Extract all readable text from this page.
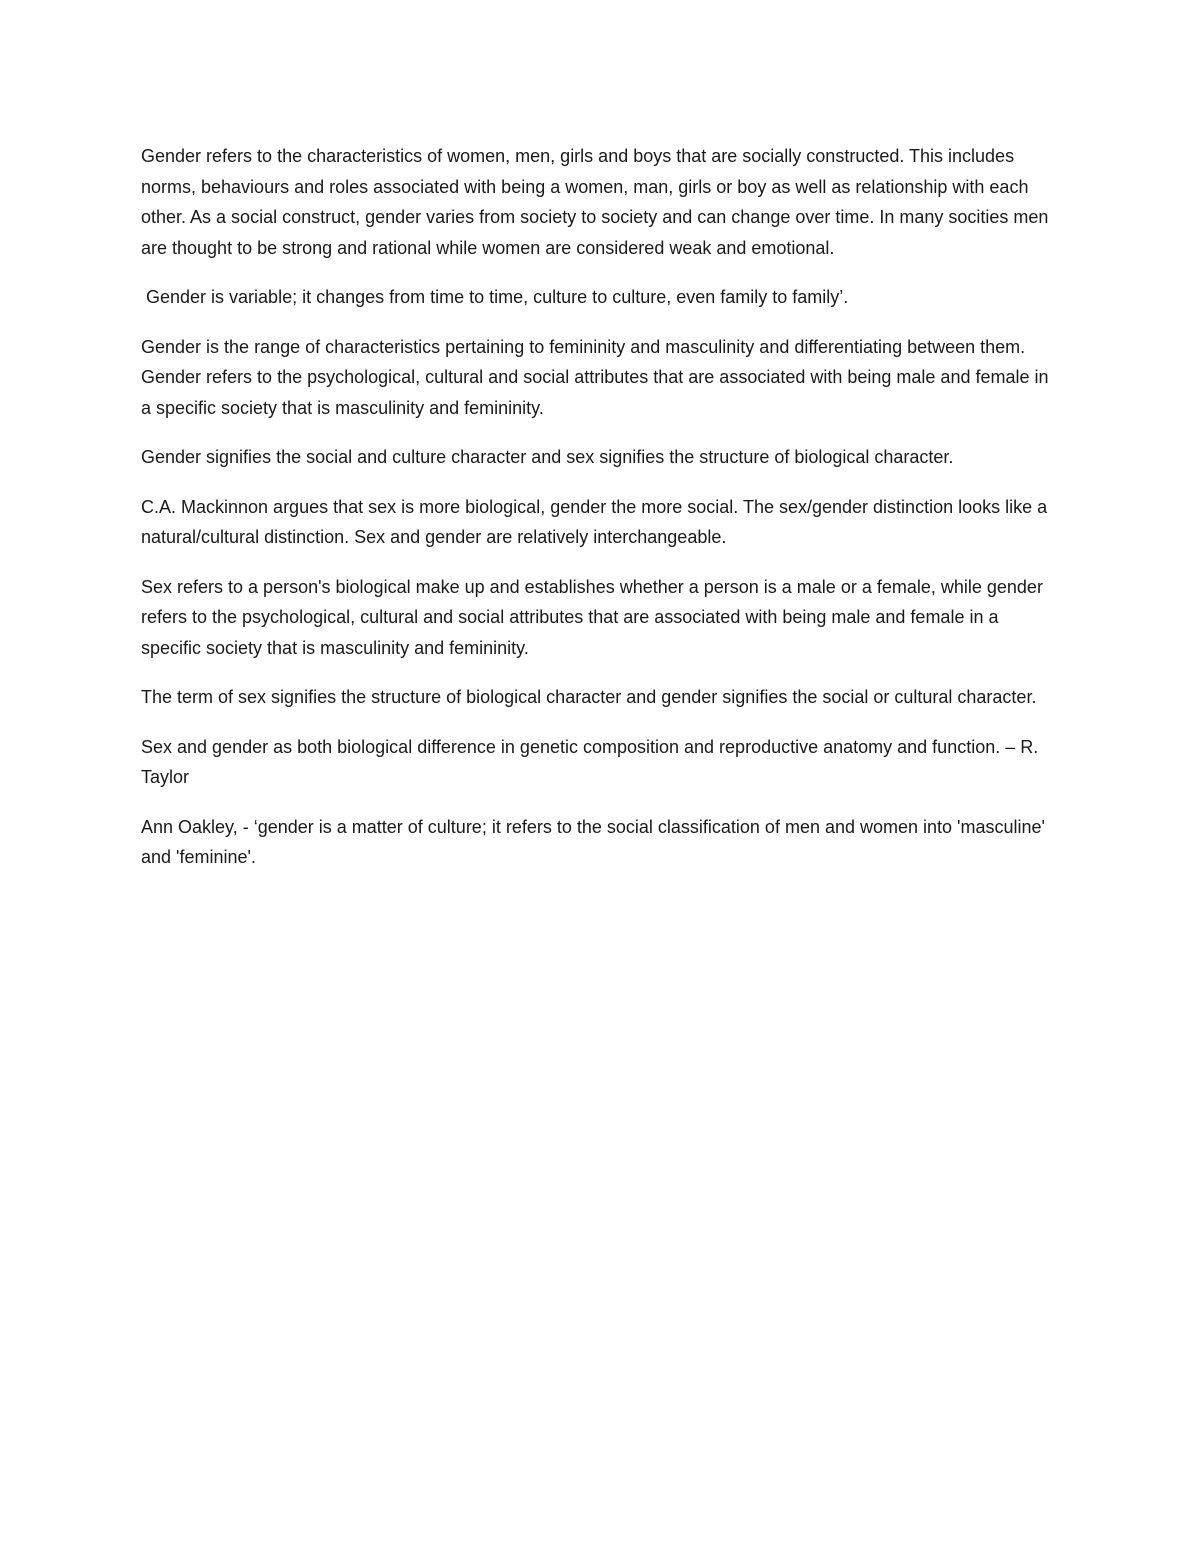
Gender refers to the characteristics of women, men, girls and boys that are socially constructed. This includes norms, behaviours and roles associated with being a women, man, girls or boy as well as relationship with each other. As a social construct, gender varies from society to society and can change over time. In many socities men are thought to be strong and rational while women are considered weak and emotional.

Gender is variable; it changes from time to time, culture to culture, even family to family’.

Gender is the range of characteristics pertaining to femininity and masculinity and differentiating between them. Gender refers to the psychological, cultural and social attributes that are associated with being male and female in a specific society that is masculinity and femininity.

Gender signifies the social and culture character and sex signifies the structure of biological character.

C.A. Mackinnon argues that sex is more biological, gender the more social. The sex/gender distinction looks like a natural/cultural distinction. Sex and gender are relatively interchangeable.

Sex refers to a person's biological make up and establishes whether a person is a male or a female, while gender refers to the psychological, cultural and social attributes that are associated with being male and female in a specific society that is masculinity and femininity.

The term of sex signifies the structure of biological character and gender signifies the social or cultural character.

Sex and gender as both biological difference in genetic composition and reproductive anatomy and function. – R. Taylor

Ann Oakley, - ‘gender is a matter of culture; it refers to the social classification of men and women into 'masculine' and 'feminine'.
